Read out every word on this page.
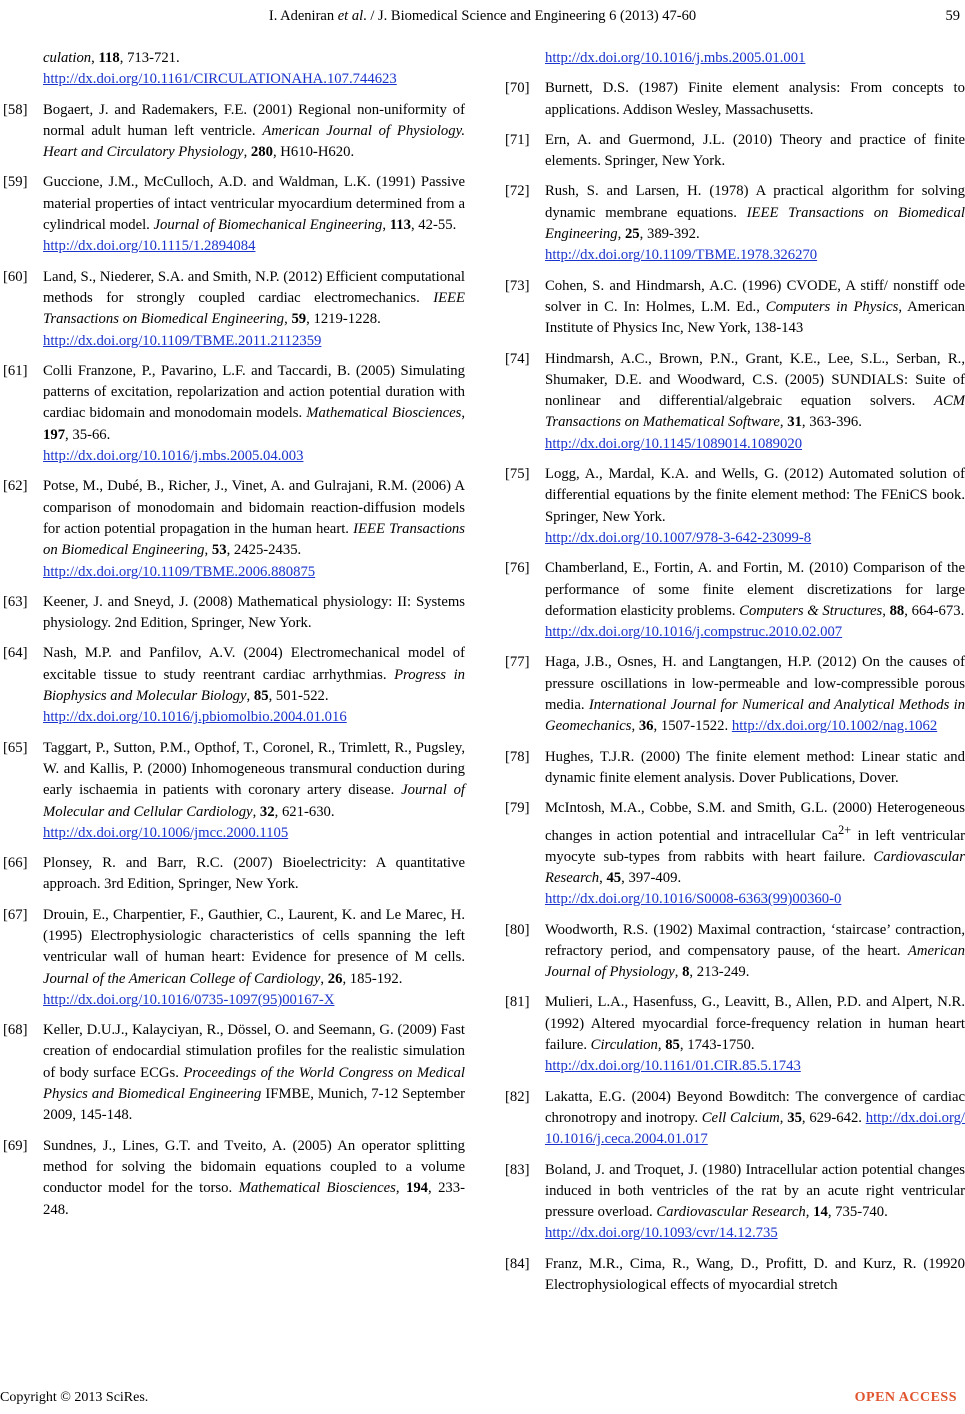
I. Adeniran et al. / J. Biomedical Science and Engineering 6 (2013) 47-60	59
culation, 118, 713-721.
http://dx.doi.org/10.1161/CIRCULATIONAHA.107.744623
[58] Bogaert, J. and Rademakers, F.E. (2001) Regional non-uniformity of normal adult human left ventricle. American Journal of Physiology. Heart and Circulatory Physiology, 280, H610-H620.
[59] Guccione, J.M., McCulloch, A.D. and Waldman, L.K. (1991) Passive material properties of intact ventricular myocardium determined from a cylindrical model. Journal of Biomechanical Engineering, 113, 42-55.
http://dx.doi.org/10.1115/1.2894084
[60] Land, S., Niederer, S.A. and Smith, N.P. (2012) Efficient computational methods for strongly coupled cardiac electromechanics. IEEE Transactions on Biomedical Engineering, 59, 1219-1228.
http://dx.doi.org/10.1109/TBME.2011.2112359
[61] Colli Franzone, P., Pavarino, L.F. and Taccardi, B. (2005) Simulating patterns of excitation, repolarization and action potential duration with cardiac bidomain and monodomain models. Mathematical Biosciences, 197, 35-66.
http://dx.doi.org/10.1016/j.mbs.2005.04.003
[62] Potse, M., Dubé, B., Richer, J., Vinet, A. and Gulrajani, R.M. (2006) A comparison of monodomain and bidomain reaction-diffusion models for action potential propagation in the human heart. IEEE Transactions on Biomedical Engineering, 53, 2425-2435.
http://dx.doi.org/10.1109/TBME.2006.880875
[63] Keener, J. and Sneyd, J. (2008) Mathematical physiology: II: Systems physiology. 2nd Edition, Springer, New York.
[64] Nash, M.P. and Panfilov, A.V. (2004) Electromechanical model of excitable tissue to study reentrant cardiac arrhythmias. Progress in Biophysics and Molecular Biology, 85, 501-522.
http://dx.doi.org/10.1016/j.pbiomolbio.2004.01.016
[65] Taggart, P., Sutton, P.M., Opthof, T., Coronel, R., Trimlett, R., Pugsley, W. and Kallis, P. (2000) Inhomogeneous transmural conduction during early ischaemia in patients with coronary artery disease. Journal of Molecular and Cellular Cardiology, 32, 621-630.
http://dx.doi.org/10.1006/jmcc.2000.1105
[66] Plonsey, R. and Barr, R.C. (2007) Bioelectricity: A quantitative approach. 3rd Edition, Springer, New York.
[67] Drouin, E., Charpentier, F., Gauthier, C., Laurent, K. and Le Marec, H. (1995) Electrophysiologic characteristics of cells spanning the left ventricular wall of human heart: Evidence for presence of M cells. Journal of the American College of Cardiology, 26, 185-192.
http://dx.doi.org/10.1016/0735-1097(95)00167-X
[68] Keller, D.U.J., Kalayciyan, R., Dössel, O. and Seemann, G. (2009) Fast creation of endocardial stimulation profiles for the realistic simulation of body surface ECGs. Proceedings of the World Congress on Medical Physics and Biomedical Engineering IFMBE, Munich, 7-12 September 2009, 145-148.
[69] Sundnes, J., Lines, G.T. and Tveito, A. (2005) An operator splitting method for solving the bidomain equations coupled to a volume conductor model for the torso. Mathematical Biosciences, 194, 233-248.
http://dx.doi.org/10.1016/j.mbs.2005.01.001
[70] Burnett, D.S. (1987) Finite element analysis: From concepts to applications. Addison Wesley, Massachusetts.
[71] Ern, A. and Guermond, J.L. (2010) Theory and practice of finite elements. Springer, New York.
[72] Rush, S. and Larsen, H. (1978) A practical algorithm for solving dynamic membrane equations. IEEE Transactions on Biomedical Engineering, 25, 389-392.
http://dx.doi.org/10.1109/TBME.1978.326270
[73] Cohen, S. and Hindmarsh, A.C. (1996) CVODE, A stiff/ nonstiff ode solver in C. In: Holmes, L.M. Ed., Computers in Physics, American Institute of Physics Inc, New York, 138-143
[74] Hindmarsh, A.C., Brown, P.N., Grant, K.E., Lee, S.L., Serban, R., Shumaker, D.E. and Woodward, C.S. (2005) SUNDIALS: Suite of nonlinear and differential/algebraic equation solvers. ACM Transactions on Mathematical Software, 31, 363-396.
http://dx.doi.org/10.1145/1089014.1089020
[75] Logg, A., Mardal, K.A. and Wells, G. (2012) Automated solution of differential equations by the finite element method: The FEniCS book. Springer, New York.
http://dx.doi.org/10.1007/978-3-642-23099-8
[76] Chamberland, E., Fortin, A. and Fortin, M. (2010) Comparison of the performance of some finite element discretizations for large deformation elasticity problems. Computers & Structures, 88, 664-673.
http://dx.doi.org/10.1016/j.compstruc.2010.02.007
[77] Haga, J.B., Osnes, H. and Langtangen, H.P. (2012) On the causes of pressure oscillations in low-permeable and low-compressible porous media. International Journal for Numerical and Analytical Methods in Geomechanics, 36, 1507-1522. http://dx.doi.org/10.1002/nag.1062
[78] Hughes, T.J.R. (2000) The finite element method: Linear static and dynamic finite element analysis. Dover Publications, Dover.
[79] McIntosh, M.A., Cobbe, S.M. and Smith, G.L. (2000) Heterogeneous changes in action potential and intracellular $Ca^{2+}$ in left ventricular myocyte sub-types from rabbits with heart failure. Cardiovascular Research, 45, 397-409.
http://dx.doi.org/10.1016/S0008-6363(99)00360-0
[80] Woodworth, R.S. (1902) Maximal contraction, ‘staircase’ contraction, refractory period, and compensatory pause, of the heart. American Journal of Physiology, 8, 213-249.
[81] Mulieri, L.A., Hasenfuss, G., Leavitt, B., Allen, P.D. and Alpert, N.R. (1992) Altered myocardial force-frequency relation in human heart failure. Circulation, 85, 1743-1750.
http://dx.doi.org/10.1161/01.CIR.85.5.1743
[82] Lakatta, E.G. (2004) Beyond Bowditch: The convergence of cardiac chronotropy and inotropy. Cell Calcium, 35, 629-642. http://dx.doi.org/10.1016/j.ceca.2004.01.017
[83] Boland, J. and Troquet, J. (1980) Intracellular action potential changes induced in both ventricles of the rat by an acute right ventricular pressure overload. Cardiovascular Research, 14, 735-740.
http://dx.doi.org/10.1093/cvr/14.12.735
[84] Franz, M.R., Cima, R., Wang, D., Profitt, D. and Kurz, R. (19920 Electrophysiological effects of myocardial stretch
Copyright © 2013 SciRes.	OPEN ACCESS
